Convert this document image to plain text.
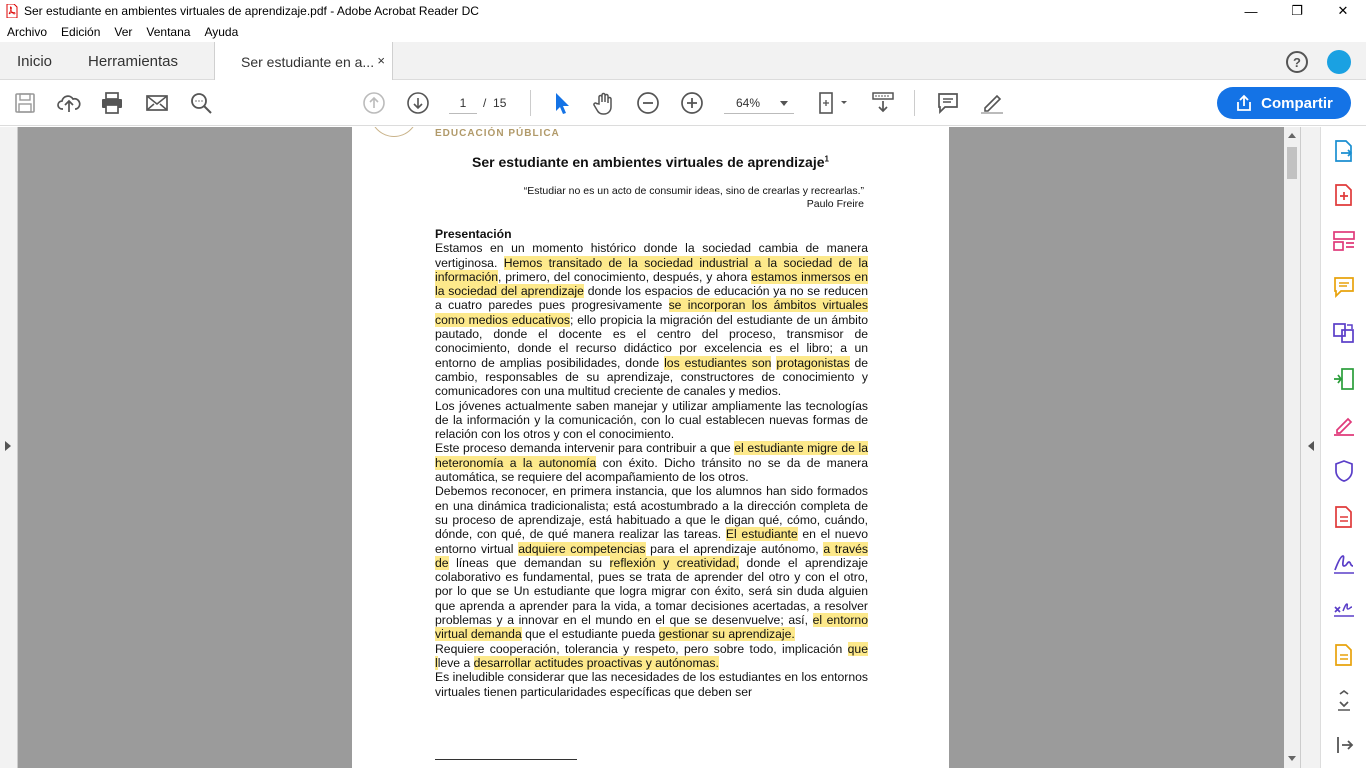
Ser estudiante en ambientes virtuales de aprendizaje.pdf - Adobe Acrobat Reader DC	—	❐	✕
Archivo	Edición	Ver	Ventana	Ayuda
Inicio Herramientas	Ser estudiante en a... ×	?
1	/ 15	64%	Compartir
EDUCACIÓN PÚBLICA
Ser estudiante en ambientes virtuales de aprendizaje$^1$
“Estudiar no es un acto de consumir ideas, sino de crearlas y recrearlas.”
Paulo Freire

Presentación

Estamos en un momento histórico donde la sociedad cambia de manera vertiginosa. Hemos transitado de la sociedad industrial a la sociedad de la información, primero, del conocimiento, después, y ahora estamos inmersos en la sociedad del aprendizaje donde los espacios de educación ya no se reducen a cuatro paredes pues progresivamente se incorporan los ámbitos virtuales como medios educativos; ello propicia la migración del estudiante de un ámbito pautado, donde el docente es el centro del proceso, transmisor de conocimiento, donde el recurso didáctico por excelencia es el libro; a un entorno de amplias posibilidades, donde los estudiantes son protagonistas de cambio, responsables de su aprendizaje, constructores de conocimiento y comunicadores con una multitud creciente de canales y medios.

Los jóvenes actualmente saben manejar y utilizar ampliamente las tecnologías de la información y la comunicación, con lo cual establecen nuevas formas de relación con los otros y con el conocimiento.

Este proceso demanda intervenir para contribuir a que el estudiante migre de la heteronomía a la autonomía con éxito. Dicho tránsito no se da de manera automática, se requiere del acompañamiento de los otros.

Debemos reconocer, en primera instancia, que los alumnos han sido formados en una dinámica tradicionalista; está acostumbrado a la dirección completa de su proceso de aprendizaje, está habituado a que le digan qué, cómo, cuándo, dónde, con qué, de qué manera realizar las tareas. El estudiante en el nuevo entorno virtual adquiere competencias para el aprendizaje autónomo, a través de líneas que demandan su reflexión y creatividad, donde el aprendizaje colaborativo es fundamental, pues se trata de aprender del otro y con el otro, por lo que se Un estudiante que logra migrar con éxito, será sin duda alguien que aprenda a aprender para la vida, a tomar decisiones acertadas, a resolver problemas y a innovar en el mundo en el que se desenvuelve; así, el entorno virtual demanda que el estudiante pueda gestionar su aprendizaje.

Requiere cooperación, tolerancia y respeto, pero sobre todo, implicación que lleve a desarrollar actitudes proactivas y autónomas.

Es ineludible considerar que las necesidades de los estudiantes en los entornos virtuales tienen particularidades específicas que deben ser
